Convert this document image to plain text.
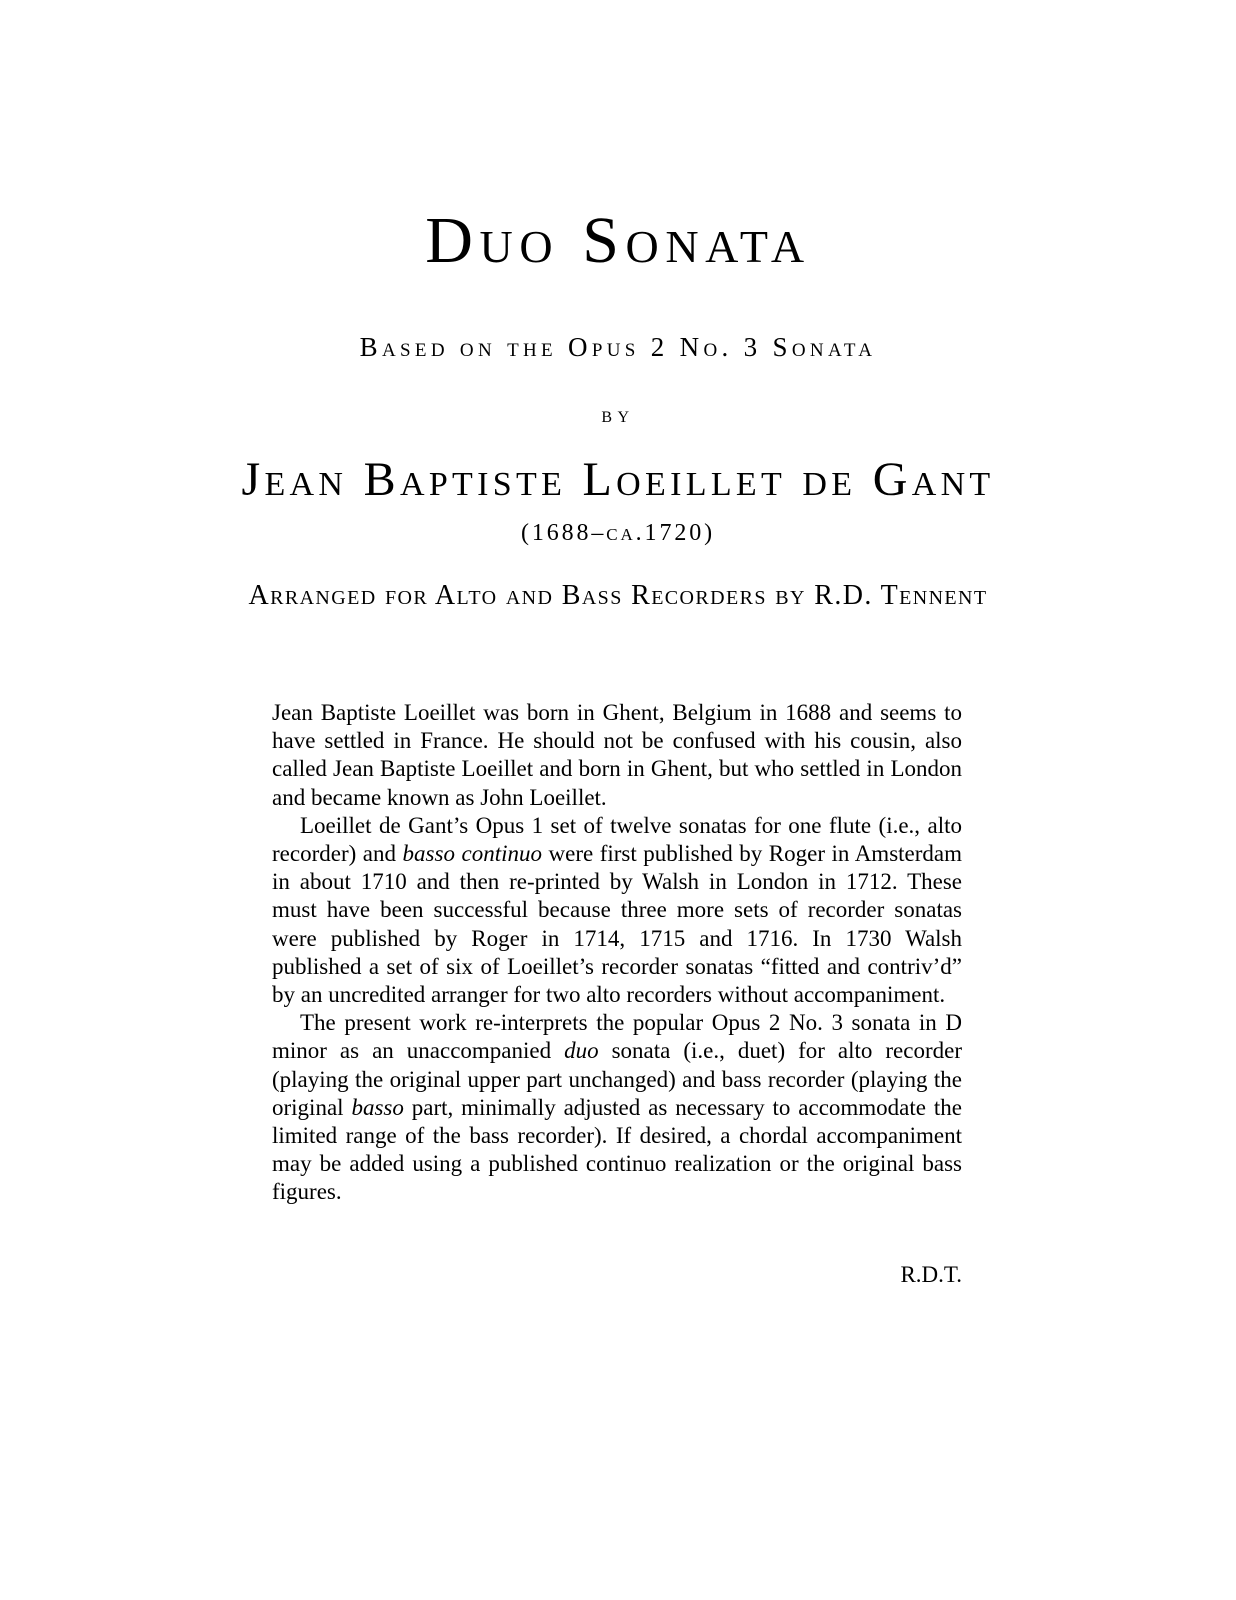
Duo Sonata
Based on the Opus 2 No. 3 Sonata
by
Jean Baptiste Loeillet de Gant
(1688–ca.1720)
Arranged for Alto and Bass Recorders by R.D. Tennent

Jean Baptiste Loeillet was born in Ghent, Belgium in 1688 and seems to have settled in France. He should not be confused with his cousin, also called Jean Baptiste Loeillet and born in Ghent, but who settled in London and became known as John Loeillet.

Loeillet de Gant’s Opus 1 set of twelve sonatas for one flute (i.e., alto recorder) and basso continuo were first published by Roger in Amsterdam in about 1710 and then re-printed by Walsh in London in 1712. These must have been successful because three more sets of recorder sonatas were published by Roger in 1714, 1715 and 1716. In 1730 Walsh published a set of six of Loeillet’s recorder sonatas “fitted and contriv’d” by an uncredited arranger for two alto recorders without accompaniment.

The present work re-interprets the popular Opus 2 No. 3 sonata in D minor as an unaccompanied duo sonata (i.e., duet) for alto recorder (playing the original upper part unchanged) and bass recorder (playing the original basso part, minimally adjusted as necessary to accommodate the limited range of the bass recorder). If desired, a chordal accompaniment may be added using a published continuo realization or the original bass figures.

R.D.T.
